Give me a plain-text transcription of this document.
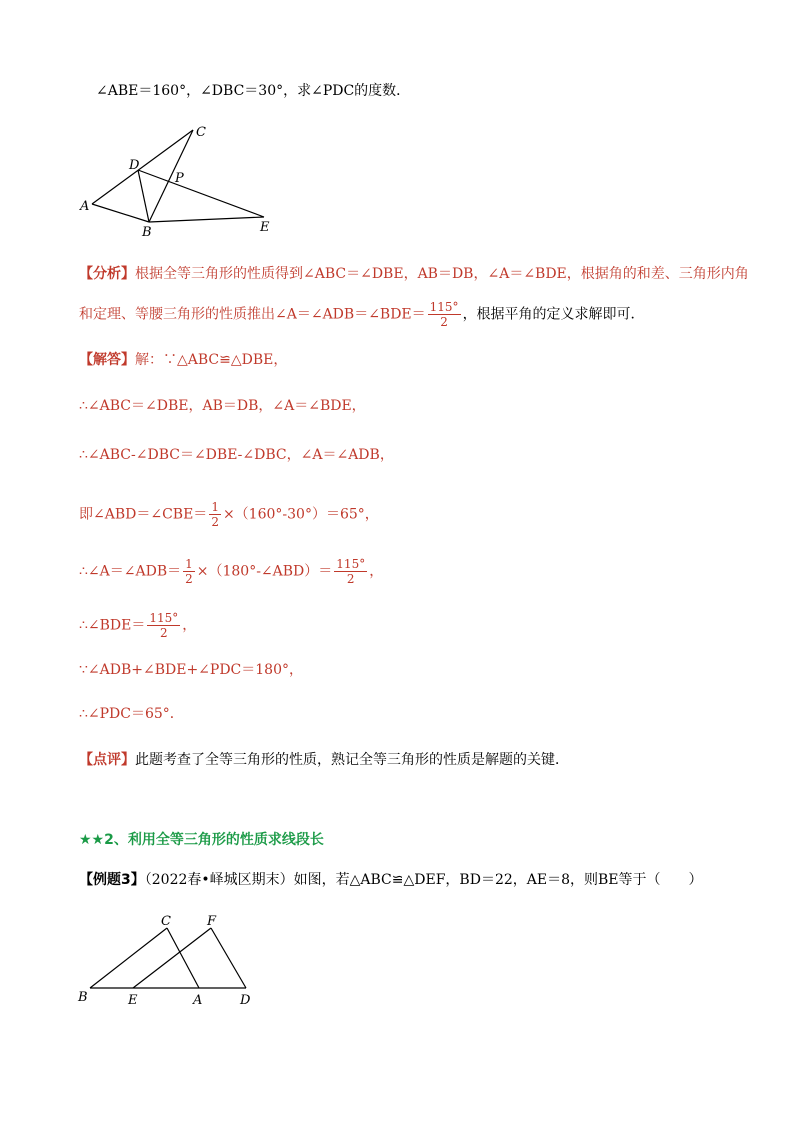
∠ABE＝160°，∠DBC＝30°，求∠PDC的度数．
A
B
C
D
E
P
B	E	A	D
C	F
【分析】根据全等三角形的性质得到∠ABC＝∠DBE，AB＝DB，∠A＝∠BDE，根据角的和差、三角形内角
和定理、等腰三角形的性质推出∠A＝∠ADB＝∠BDE＝ $\frac{115^\circ}{2}$ ，根据平角的定义求解即可．
【解答】解：∵△ABC≌△DBE，
∴∠ABC＝∠DBE，AB＝DB，∠A＝∠BDE，
∴∠ABC-∠DBC＝∠DBE-∠DBC，∠A＝∠ADB，
即∠ABD＝∠CBE＝ $\frac{1}{2} \times(160^\circ-30^\circ)=65^\circ$，
∴∠A＝∠ADB＝ $\frac{1}{2}$ ×（180°-∠ABD）＝ $\frac{115^\circ}{2}$ ，
∴∠BDE＝ $\frac{115^\circ}{2}$ ，
∵∠ADB+∠BDE+∠PDC＝180°，
∴∠PDC＝65°．
【点评】此题考查了全等三角形的性质，熟记全等三角形的性质是解题的关键．
★★2、利用全等三角形的性质求线段长
【例题3】（2022春•峄城区期末）如图，若△ABC≌△DEF，BD＝22，AE＝8，则BE等于（　　）
